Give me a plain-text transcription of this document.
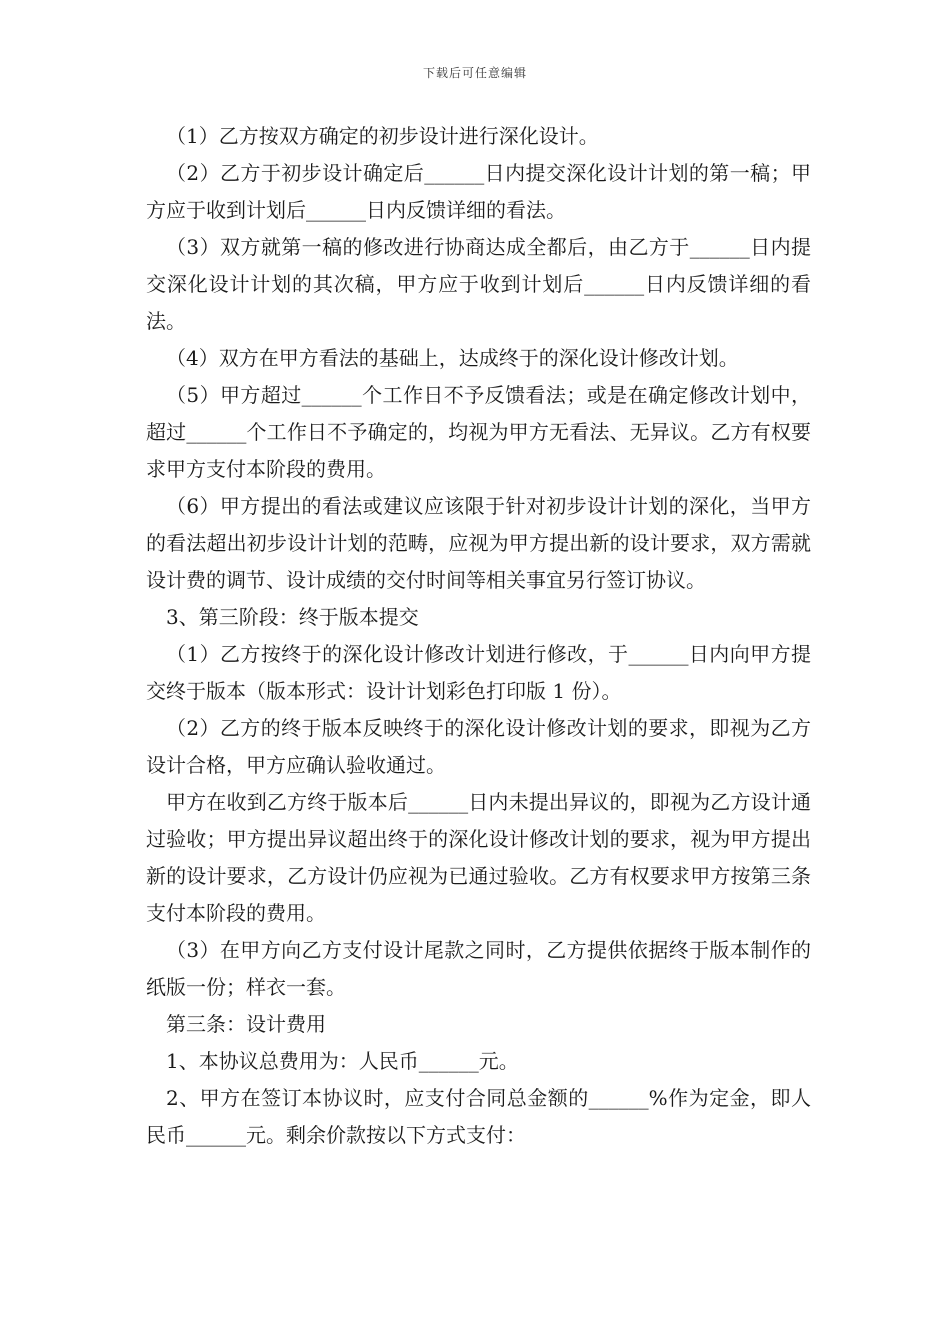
下载后可任意编辑

（1）乙方按双方确定的初步设计进行深化设计。

（2）乙方于初步设计确定后______日内提交深化设计计划的第一稿；甲方应于收到计划后______日内反馈详细的看法。

（3）双方就第一稿的修改进行协商达成全都后，由乙方于______日内提交深化设计计划的其次稿，甲方应于收到计划后______日内反馈详细的看法。

（4）双方在甲方看法的基础上，达成终于的深化设计修改计划。

（5）甲方超过______个工作日不予反馈看法；或是在确定修改计划中，超过______个工作日不予确定的，均视为甲方无看法、无异议。乙方有权要求甲方支付本阶段的费用。

（6）甲方提出的看法或建议应该限于针对初步设计计划的深化，当甲方的看法超出初步设计计划的范畴，应视为甲方提出新的设计要求，双方需就设计费的调节、设计成绩的交付时间等相关事宜另行签订协议。

3、第三阶段：终于版本提交

（1）乙方按终于的深化设计修改计划进行修改，于______日内向甲方提交终于版本（版本形式：设计计划彩色打印版 1 份）。

（2）乙方的终于版本反映终于的深化设计修改计划的要求，即视为乙方设计合格，甲方应确认验收通过。

甲方在收到乙方终于版本后______日内未提出异议的，即视为乙方设计通过验收；甲方提出异议超出终于的深化设计修改计划的要求，视为甲方提出新的设计要求，乙方设计仍应视为已通过验收。乙方有权要求甲方按第三条支付本阶段的费用。

（3）在甲方向乙方支付设计尾款之同时，乙方提供依据终于版本制作的纸版一份；样衣一套。

第三条：设计费用

1、本协议总费用为：人民币______元。

2、甲方在签订本协议时，应支付合同总金额的______%作为定金，即人民币______元。剩余价款按以下方式支付：
